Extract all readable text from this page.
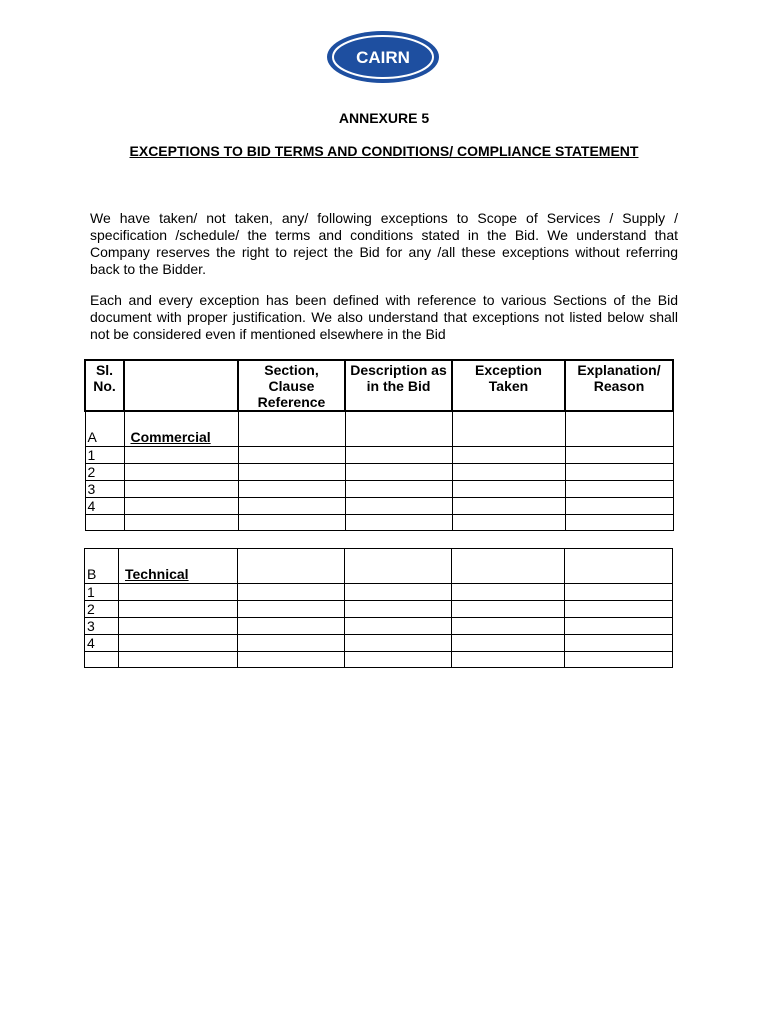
CAIRN
ANNEXURE 5
EXCEPTIONS TO BID TERMS AND CONDITIONS/ COMPLIANCE STATEMENT

We have taken/ not taken, any/ following exceptions to Scope of Services / Supply / specification /schedule/ the terms and conditions stated in the Bid. We understand that Company reserves the right to reject the Bid for any /all these exceptions without referring back to the Bidder.

Each and every exception has been defined with reference to various Sections of the Bid document with proper justification. We also understand that exceptions not listed below shall not be considered even if mentioned elsewhere in the Bid

Sl. No.		Section, Clause Reference	Description as in the Bid	Exception Taken	Explanation/ Reason
A	Commercial				
1					
2					
3					
4					

B	Technical				
1					
2					
3					
4					
